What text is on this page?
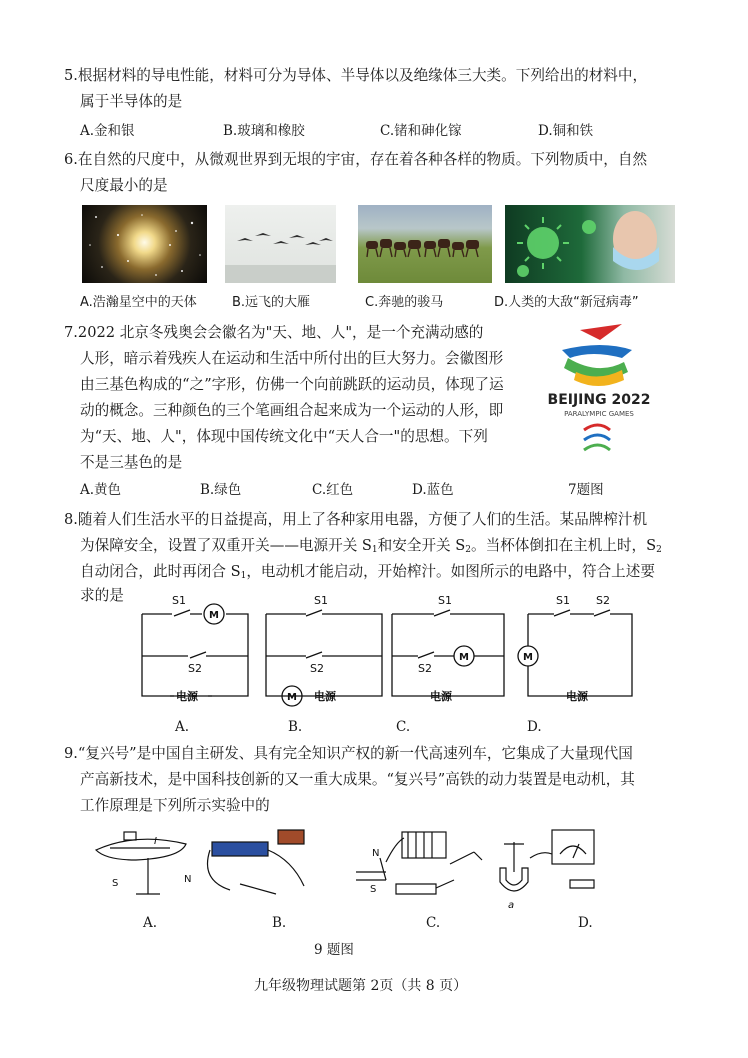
5.根据材料的导电性能，材料可分为导体、半导体以及绝缘体三大类。下列给出的材料中，
属于半导体的是
A.金和银	B.玻璃和橡胶	C.锗和砷化镓	D.铜和铁
6.在自然的尺度中，从微观世界到无垠的宇宙，存在着各种各样的物质。下列物质中，自然
尺度最小的是
A.浩瀚星空中的天体	B.远飞的大雁	C.奔驰的骏马	D.人类的大敌“新冠病毒”
7.2022 北京冬残奥会会徽名为"天、地、人"，是一个充满动感的
人形，暗示着残疾人在运动和生活中所付出的巨大努力。会徽图形
由三基色构成的“之”字形，仿佛一个向前跳跃的运动员，体现了运
动的概念。三种颜色的三个笔画组合起来成为一个运动的人形，即
为“天、地、人"，体现中国传统文化中“天人合一"的思想。下列
不是三基色的是
BEIJING 2022
PARALYMPIC GAMES
A.黄色	B.绿色	C.红色	D.蓝色	7题图
8.随着人们生活水平的日益提高，用上了各种家用电器，方便了人们的生活。某品牌榨汁机
为保障安全，设置了双重开关——电源开关 $S_1$和安全开关 $S_2$。当杯体倒扣在主机上时，$S_2$
自动闭合，此时再闭合 $S_1$，电动机才能启动，开始榨汁。如图所示的电路中，符合上述要
求的是	S1
S2
M
电源
S1
S2
M 电源
S1
S2
M
电源
S1 S2
M
电源
A.	B.	C.	D.
9.“复兴号”是中国自主研发、具有完全知识产权的新一代高速列车，它集成了大量现代国
产高新技术，是中国科技创新的又一重大成果。“复兴号”高铁的动力装置是电动机，其
工作原理是下列所示实验中的
N
S
I
N
S
a
A.	B.	C.	D.
9 题图
九年级物理试题第 2页（共 8 页）
